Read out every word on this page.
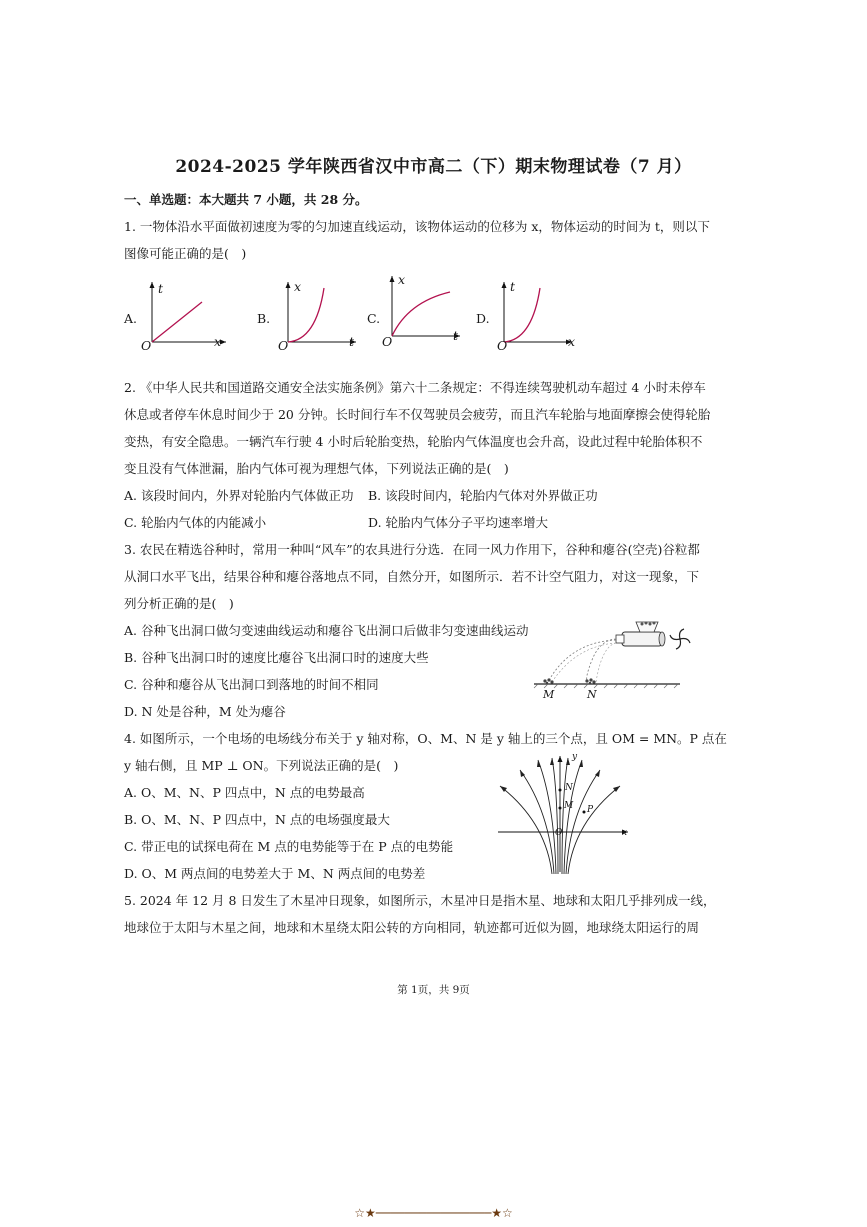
2024-2025 学年陕西省汉中市高二（下）期末物理试卷（7 月）
一、单选题：本大题共 7 小题，共 28 分。
1. 一物体沿水平面做初速度为零的匀加速直线运动，该物体运动的位移为 x，物体运动的时间为 t，则以下
图像可能正确的是(　)
A.
t
x
O
B.
x
t
O
C.
x
t
O
D.
t
x
O
2. 《中华人民共和国道路交通安全法实施条例》第六十二条规定：不得连续驾驶机动车超过 4 小时未停车
休息或者停车休息时间少于 20 分钟。长时间行车不仅驾驶员会疲劳，而且汽车轮胎与地面摩擦会使得轮胎
变热，有安全隐患。一辆汽车行驶 4 小时后轮胎变热，轮胎内气体温度也会升高，设此过程中轮胎体积不
变且没有气体泄漏，胎内气体可视为理想气体，下列说法正确的是(　)
A. 该段时间内，外界对轮胎内气体做正功 B. 该段时间内，轮胎内气体对外界做正功
C. 轮胎内气体的内能减小	D. 轮胎内气体分子平均速率增大
3. 农民在精选谷种时，常用一种叫“风车”的农具进行分选．在同一风力作用下，谷种和瘪谷(空壳)谷粒都
从洞口水平飞出，结果谷种和瘪谷落地点不同，自然分开，如图所示．若不计空气阻力，对这一现象，下
列分析正确的是(　)
A. 谷种飞出洞口做匀变速曲线运动和瘪谷飞出洞口后做非匀变速曲线运动
B. 谷种飞出洞口时的速度比瘪谷飞出洞口时的速度大些
C. 谷种和瘪谷从飞出洞口到落地的时间不相同
D. N 处是谷种，M 处为瘪谷
M	N
4. 如图所示，一个电场的电场线分布关于 y 轴对称，O、M、N 是 y 轴上的三个点，且 OM = MN。P 点在
y 轴右侧，且 MP ⊥ ON。下列说法正确的是(　)
A. O、M、N、P 四点中，N 点的电势最高
B. O、M、N、P 四点中，N 点的电场强度最大
C. 带正电的试探电荷在 M 点的电势能等于在 P 点的电势能
D. O、M 两点间的电势差大于 M、N 两点间的电势差
y
x
O
N
M P
5. 2024 年 12 月 8 日发生了木星冲日现象，如图所示，木星冲日是指木星、地球和太阳几乎排列成一线，
地球位于太阳与木星之间，地球和木星绕太阳公转的方向相同，轨迹都可近似为圆，地球绕太阳运行的周
第 1页，共 9页
☆★────────────────★☆
